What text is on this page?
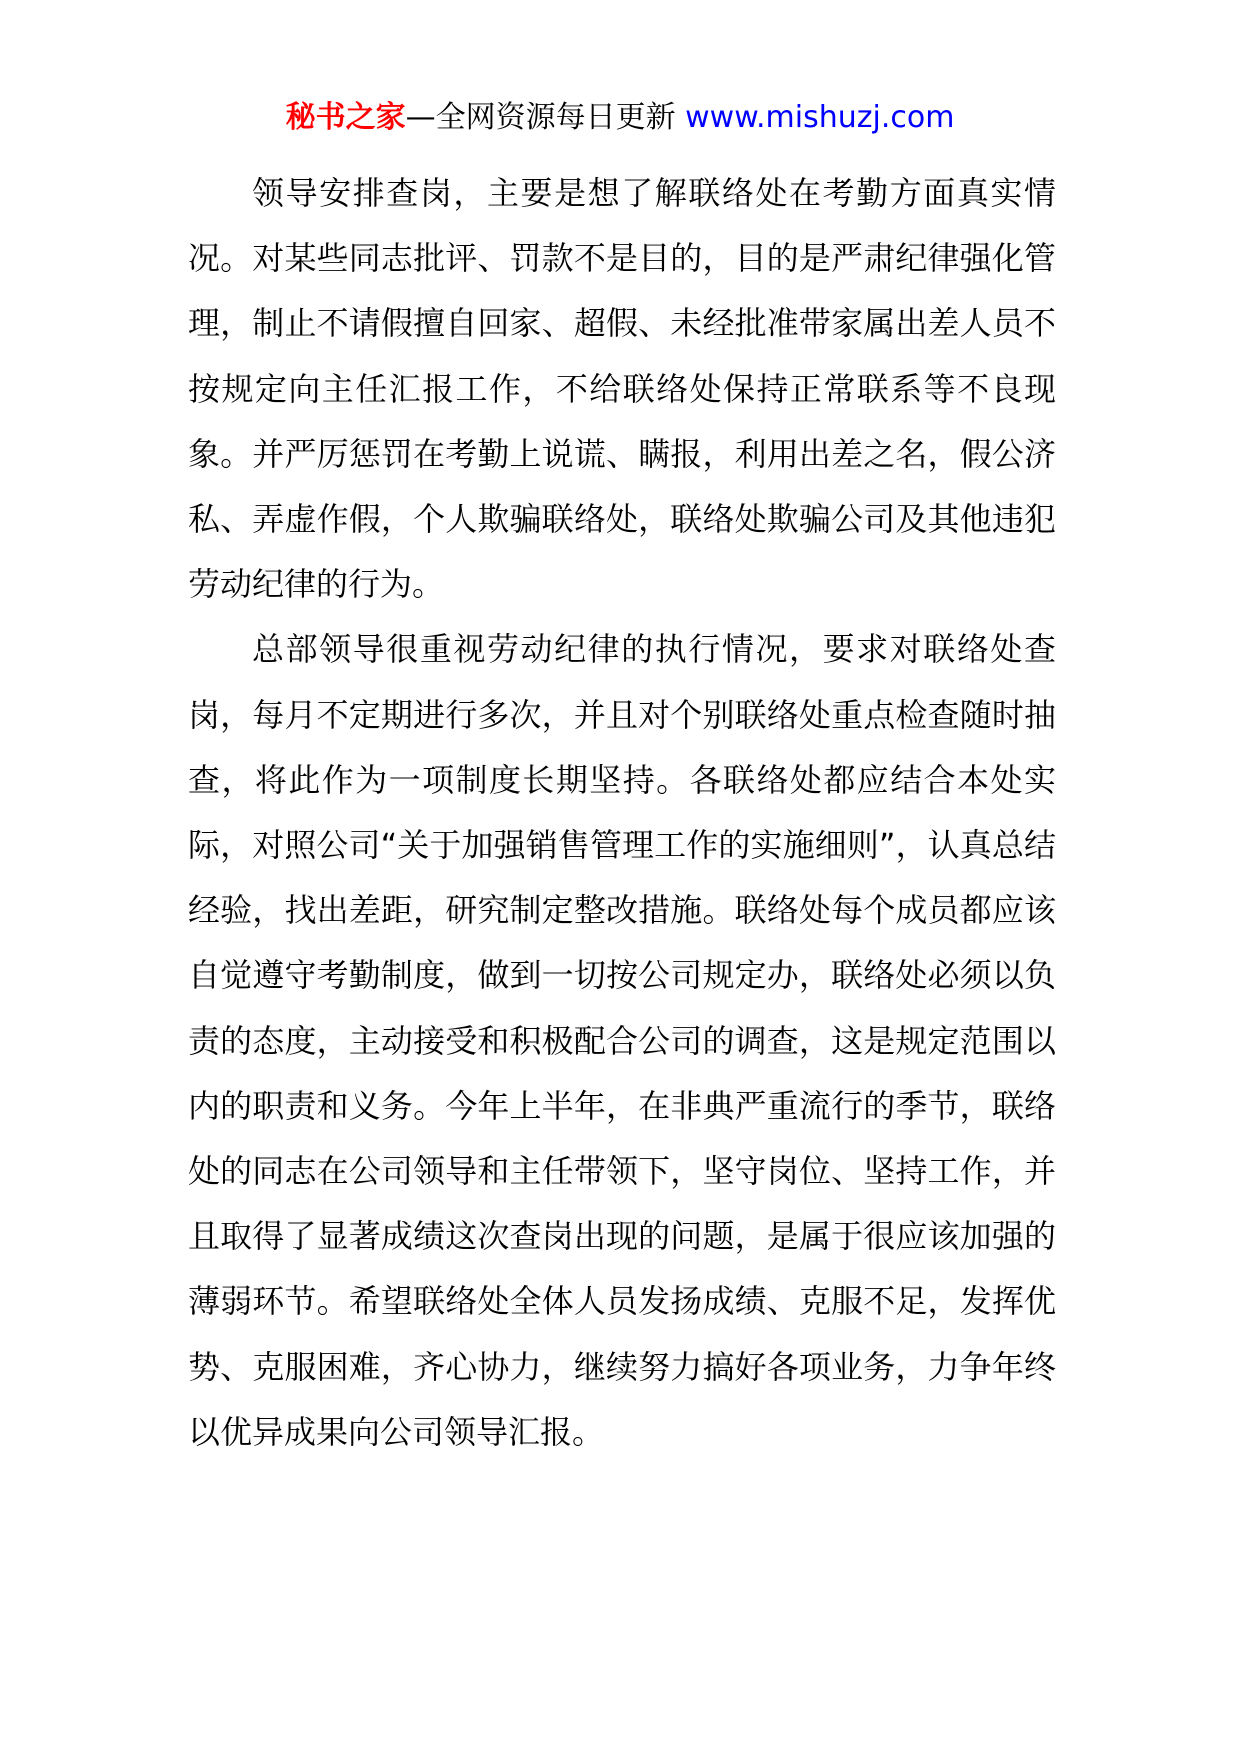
秘书之家—全网资源每日更新 www.mishuzj.com

领导安排查岗，主要是想了解联络处在考勤方面真实情况。对某些同志批评、罚款不是目的，目的是严肃纪律强化管理，制止不请假擅自回家、超假、未经批准带家属出差人员不按规定向主任汇报工作，不给联络处保持正常联系等不良现象。并严厉惩罚在考勤上说谎、瞒报，利用出差之名，假公济私、弄虚作假，个人欺骗联络处，联络处欺骗公司及其他违犯劳动纪律的行为。

总部领导很重视劳动纪律的执行情况，要求对联络处查岗，每月不定期进行多次，并且对个别联络处重点检查随时抽查，将此作为一项制度长期坚持。各联络处都应结合本处实际，对照公司“关于加强销售管理工作的实施细则”，认真总结经验，找出差距，研究制定整改措施。联络处每个成员都应该自觉遵守考勤制度，做到一切按公司规定办，联络处必须以负责的态度，主动接受和积极配合公司的调查，这是规定范围以内的职责和义务。今年上半年，在非典严重流行的季节，联络处的同志在公司领导和主任带领下，坚守岗位、坚持工作，并且取得了显著成绩这次查岗出现的问题，是属于很应该加强的薄弱环节。希望联络处全体人员发扬成绩、克服不足，发挥优势、克服困难，齐心协力，继续努力搞好各项业务，力争年终以优异成果向公司领导汇报。
